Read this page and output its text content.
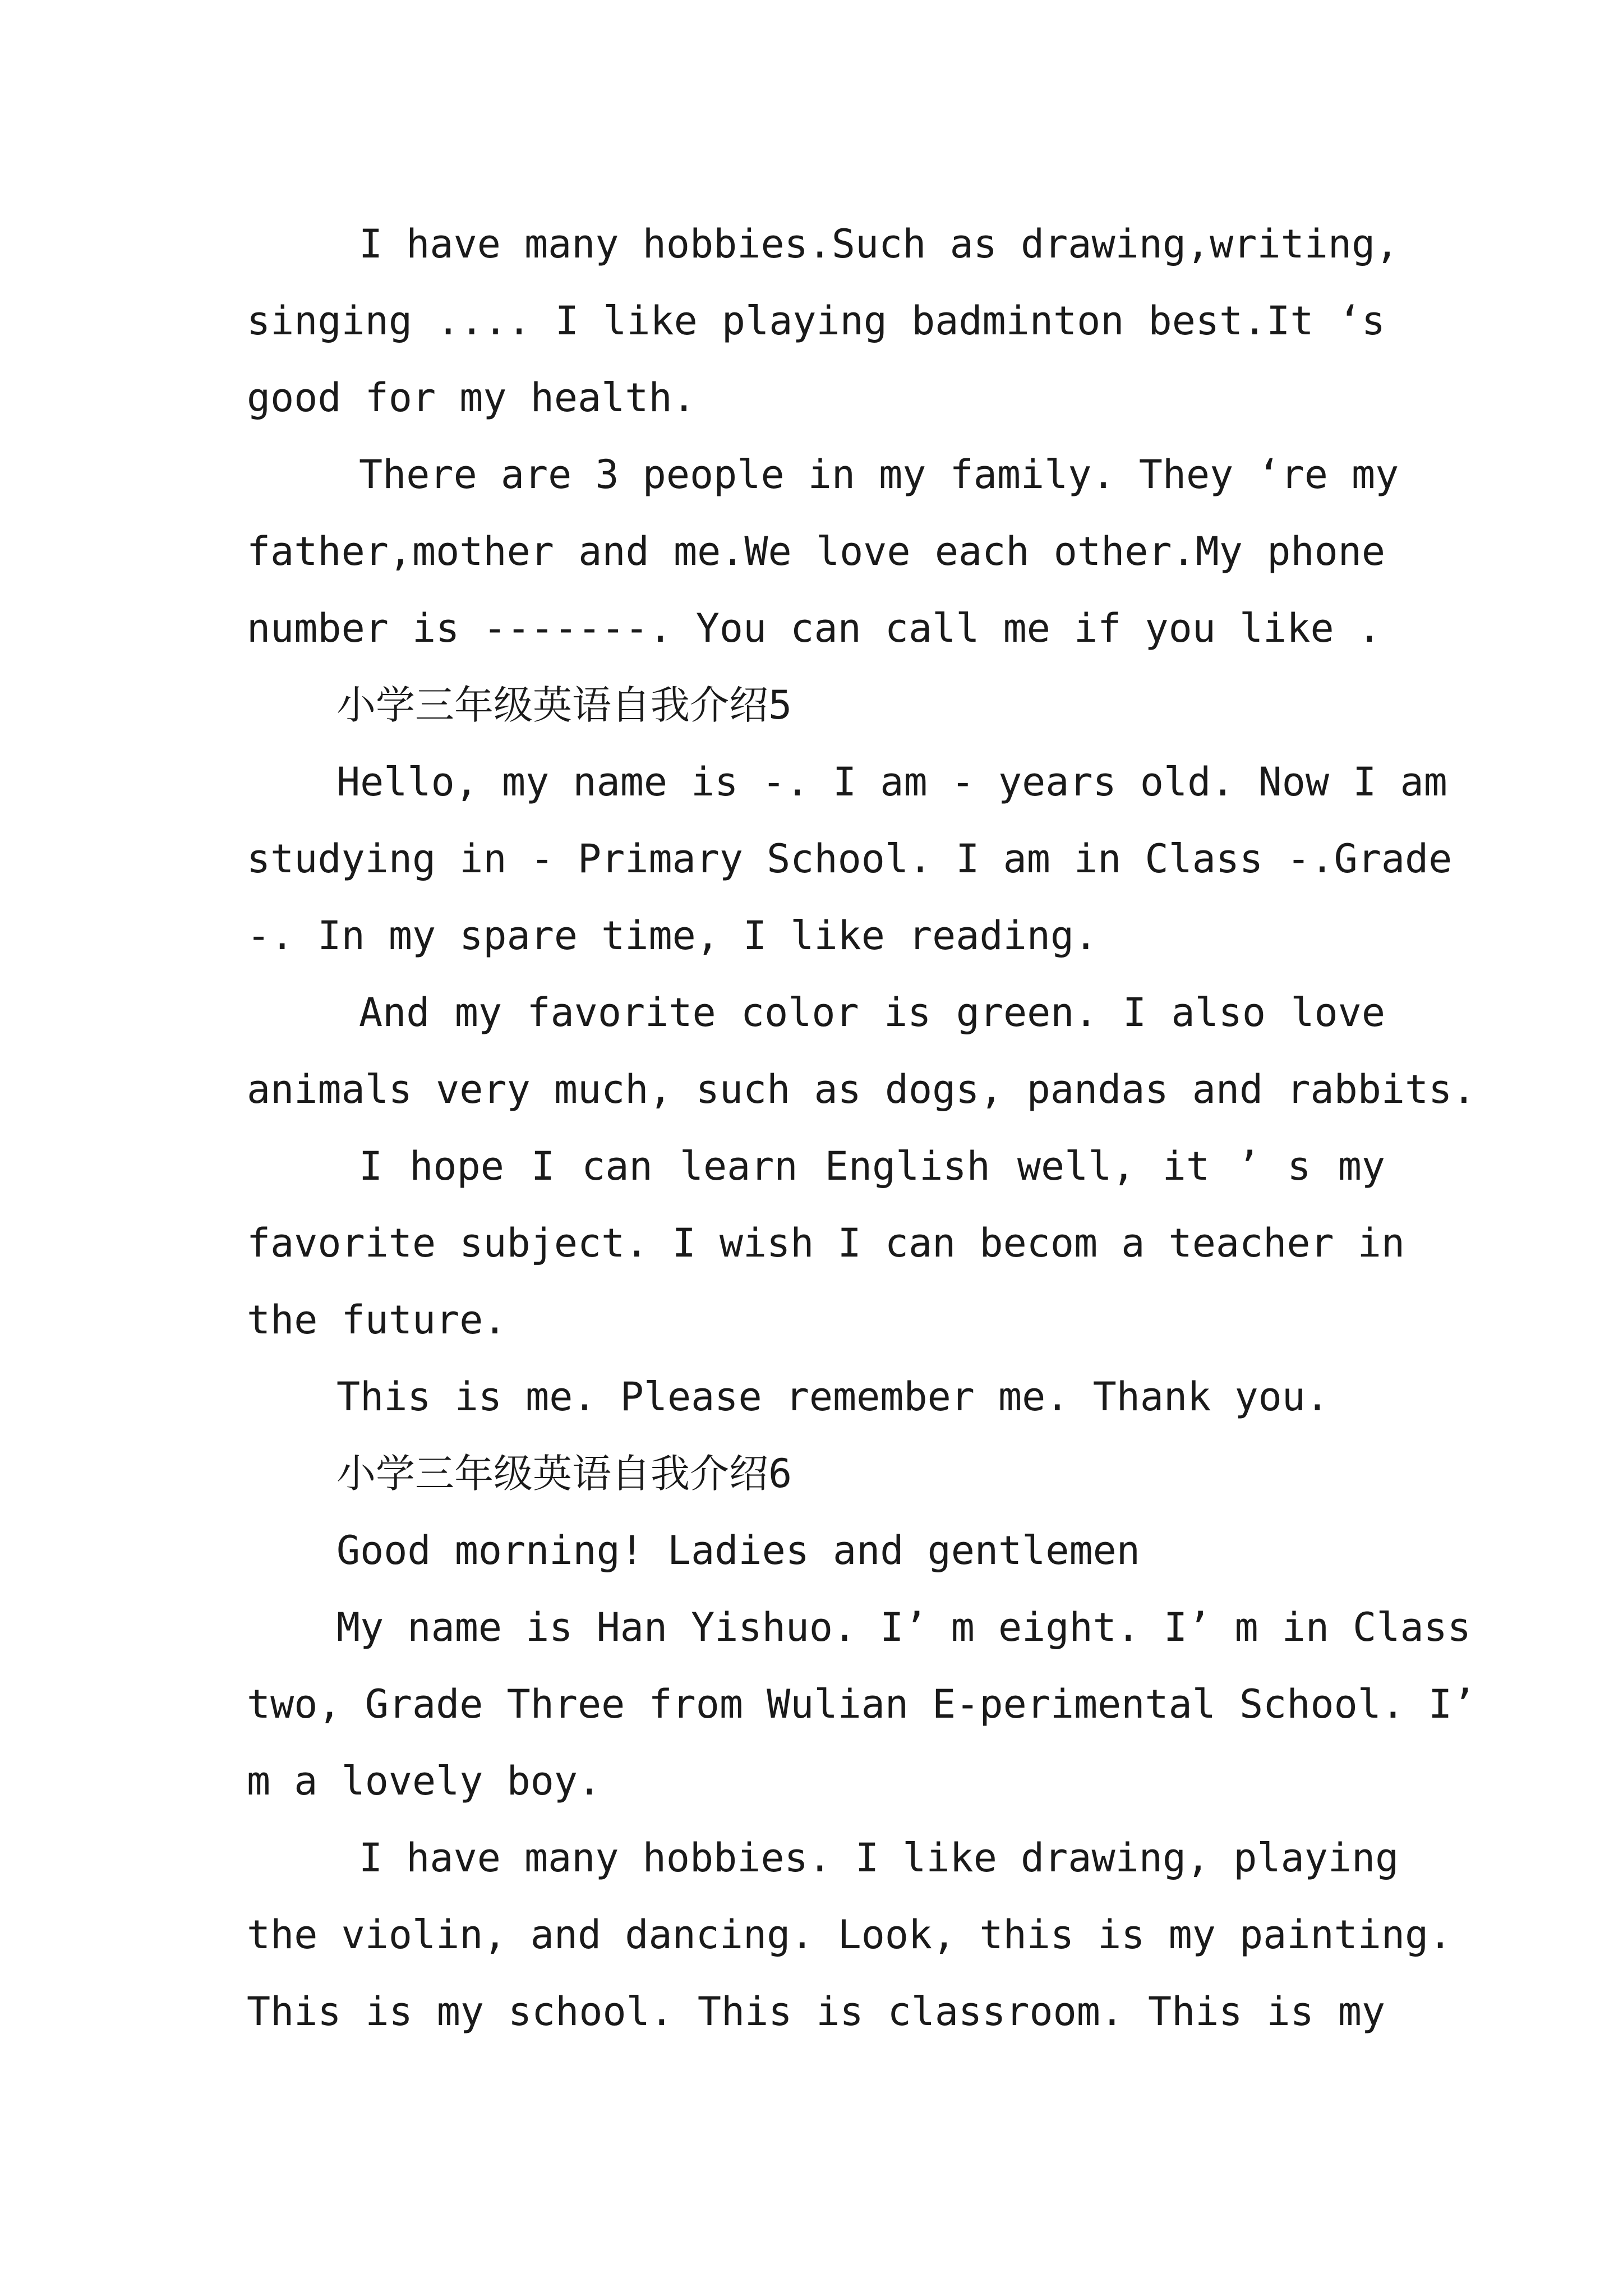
I have many hobbies.Such as drawing,writing,

singing .... I like playing badminton best.It ‘s

good for my health.

There are 3 people in my family. They ‘re my

father,mother and me.We love each other.My phone

number is -------. You can call me if you like .

小学三年级英语自我介绍5

Hello, my name is -. I am - years old. Now I am

studying in - Primary School. I am in Class -.Grade

-. In my spare time, I like reading.

And my favorite color is green. I also love

animals very much, such as dogs, pandas and rabbits.

I hope I can learn English well, it ’ s my

favorite subject. I wish I can becom a teacher in

the future.

This is me. Please remember me. Thank you.

小学三年级英语自我介绍6

Good morning! Ladies and gentlemen

My name is Han Yishuo. I’ m eight. I’ m in Class

two, Grade Three from Wulian E-perimental School. I’

m a lovely boy.

I have many hobbies. I like drawing, playing

the violin, and dancing. Look, this is my painting.

This is my school. This is classroom. This is my
